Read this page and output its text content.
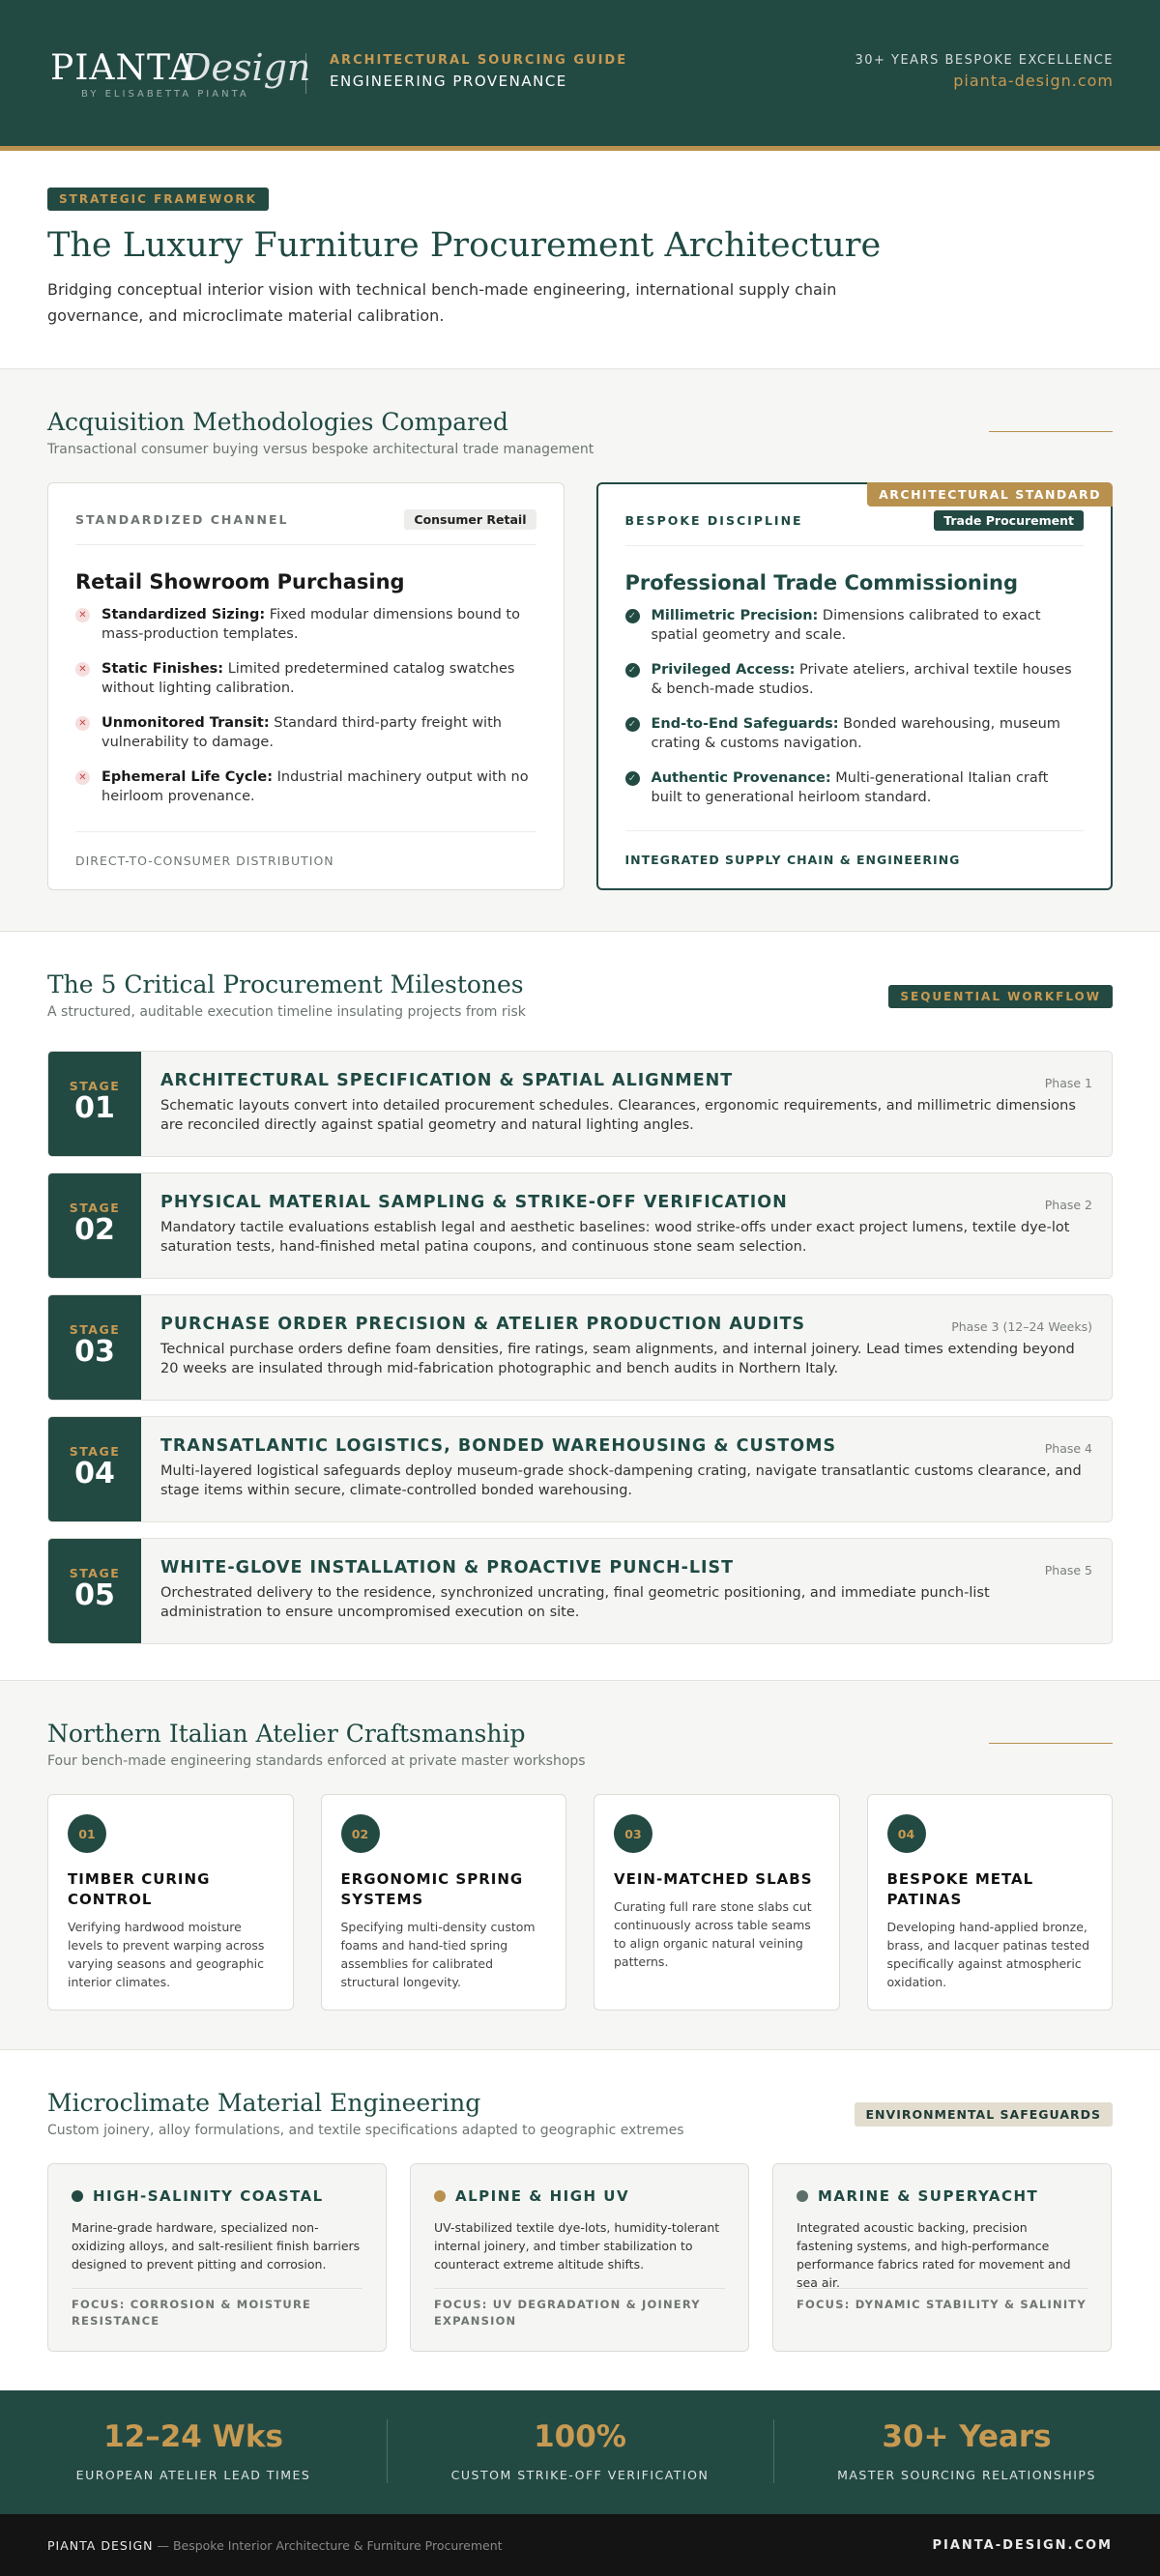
PIANTA
Design
BY ELISABETTA PIANTA
ARCHITECTURAL SOURCING GUIDE
ENGINEERING PROVENANCE
30+ YEARS BESPOKE EXCELLENCE
pianta-design.com
STRATEGIC FRAMEWORK
The Luxury Furniture Procurement Architecture

Bridging conceptual interior vision with technical bench-made engineering, international supply chain governance, and microclimate material calibration.

Acquisition Methodologies Compared
Transactional consumer buying versus bespoke architectural trade management
STANDARDIZED CHANNEL	Consumer Retail
Retail Showroom Purchasing
✕ Standardized Sizing: Fixed modular dimensions bound to mass-production templates.
✕ Static Finishes: Limited predetermined catalog swatches without lighting calibration.
✕ Unmonitored Transit: Standard third-party freight with vulnerability to damage.
✕ Ephemeral Life Cycle: Industrial machinery output with no heirloom provenance.
DIRECT-TO-CONSUMER DISTRIBUTION
ARCHITECTURAL STANDARD
BESPOKE DISCIPLINE	Trade Procurement
Professional Trade Commissioning
✓ Millimetric Precision: Dimensions calibrated to exact spatial geometry and scale.
✓ Privileged Access: Private ateliers, archival textile houses & bench-made studios.
✓ End-to-End Safeguards: Bonded warehousing, museum crating & customs navigation.
✓ Authentic Provenance: Multi-generational Italian craft built to generational heirloom standard.
INTEGRATED SUPPLY CHAIN & ENGINEERING
The 5 Critical Procurement Milestones
A structured, auditable execution timeline insulating projects from risk
SEQUENTIAL WORKFLOW
STAGE
01
ARCHITECTURAL SPECIFICATION & SPATIAL ALIGNMENT	Phase 1
Schematic layouts convert into detailed procurement schedules. Clearances, ergonomic requirements, and millimetric dimensions are reconciled directly against spatial geometry and natural lighting angles.
STAGE
02
PHYSICAL MATERIAL SAMPLING & STRIKE-OFF VERIFICATION	Phase 2
Mandatory tactile evaluations establish legal and aesthetic baselines: wood strike-offs under exact project lumens, textile dye-lot saturation tests, hand-finished metal patina coupons, and continuous stone seam selection.
STAGE
03
PURCHASE ORDER PRECISION & ATELIER PRODUCTION AUDITS	Phase 3 (12–24 Weeks)
Technical purchase orders define foam densities, fire ratings, seam alignments, and internal joinery. Lead times extending beyond 20 weeks are insulated through mid-fabrication photographic and bench audits in Northern Italy.
STAGE
04
TRANSATLANTIC LOGISTICS, BONDED WAREHOUSING & CUSTOMS	Phase 4
Multi-layered logistical safeguards deploy museum-grade shock-dampening crating, navigate transatlantic customs clearance, and stage items within secure, climate-controlled bonded warehousing.
STAGE
05
WHITE-GLOVE INSTALLATION & PROACTIVE PUNCH-LIST	Phase 5
Orchestrated delivery to the residence, synchronized uncrating, final geometric positioning, and immediate punch-list administration to ensure uncompromised execution on site.
Northern Italian Atelier Craftsmanship
Four bench-made engineering standards enforced at private master workshops
01
TIMBER CURING CONTROL
Verifying hardwood moisture levels to prevent warping across varying seasons and geographic interior climates.
02
ERGONOMIC SPRING SYSTEMS
Specifying multi-density custom foams and hand-tied spring assemblies for calibrated structural longevity.
03
VEIN-MATCHED SLABS
Curating full rare stone slabs cut continuously across table seams to align organic natural veining patterns.
04
BESPOKE METAL PATINAS
Developing hand-applied bronze, brass, and lacquer patinas tested specifically against atmospheric oxidation.
Microclimate Material Engineering
Custom joinery, alloy formulations, and textile specifications adapted to geographic extremes
ENVIRONMENTAL SAFEGUARDS
HIGH-SALINITY COASTAL
Marine-grade hardware, specialized non-oxidizing alloys, and salt-resilient finish barriers designed to prevent pitting and corrosion.
FOCUS: CORROSION & MOISTURE RESISTANCE
ALPINE & HIGH UV
UV-stabilized textile dye-lots, humidity-tolerant internal joinery, and timber stabilization to counteract extreme altitude shifts.
FOCUS: UV DEGRADATION & JOINERY EXPANSION
MARINE & SUPERYACHT
Integrated acoustic backing, precision fastening systems, and high-performance performance fabrics rated for movement and sea air.
FOCUS: DYNAMIC STABILITY & SALINITY
12–24 Wks
EUROPEAN ATELIER LEAD TIMES
100%
CUSTOM STRIKE-OFF VERIFICATION
30+ Years
MASTER SOURCING RELATIONSHIPS
PIANTA DESIGN — Bespoke Interior Architecture & Furniture Procurement	PIANTA-DESIGN.COM
